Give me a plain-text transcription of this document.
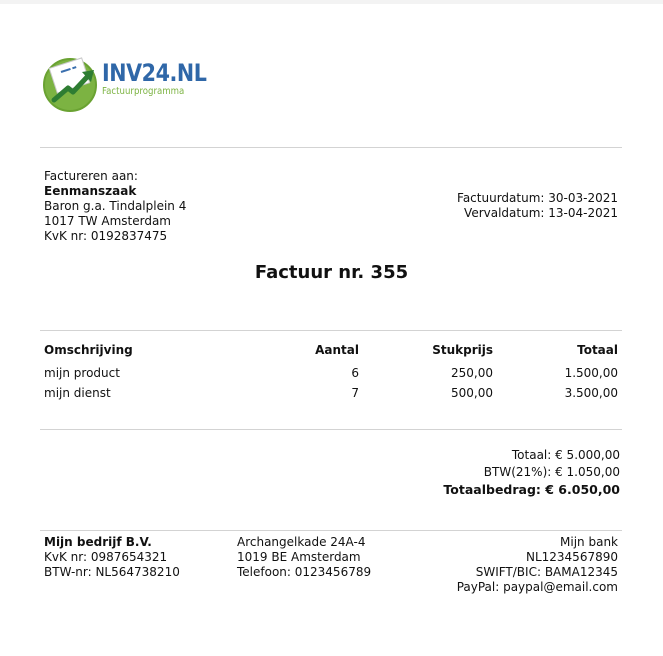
INV24.NL
Factuurprogramma
Factureren aan:
Eenmanszaak
Baron g.a. Tindalplein 4
1017 TW Amsterdam
KvK nr: 0192837475
Factuurdatum: 30-03-2021
Vervaldatum: 13-04-2021
Factuur nr. 355
Omschrijving	Aantal	Stukprijs	Totaal
mijn product	6	250,00	1.500,00
mijn dienst	7	500,00	3.500,00
Totaal: € 5.000,00
BTW(21%): € 1.050,00
Totaalbedrag: € 6.050,00
Mijn bedrijf B.V.
KvK nr: 0987654321
BTW-nr: NL564738210
Archangelkade 24A-4
1019 BE Amsterdam
Telefoon: 0123456789
Mijn bank
NL1234567890
SWIFT/BIC: BAMA12345
PayPal: paypal@email.com
